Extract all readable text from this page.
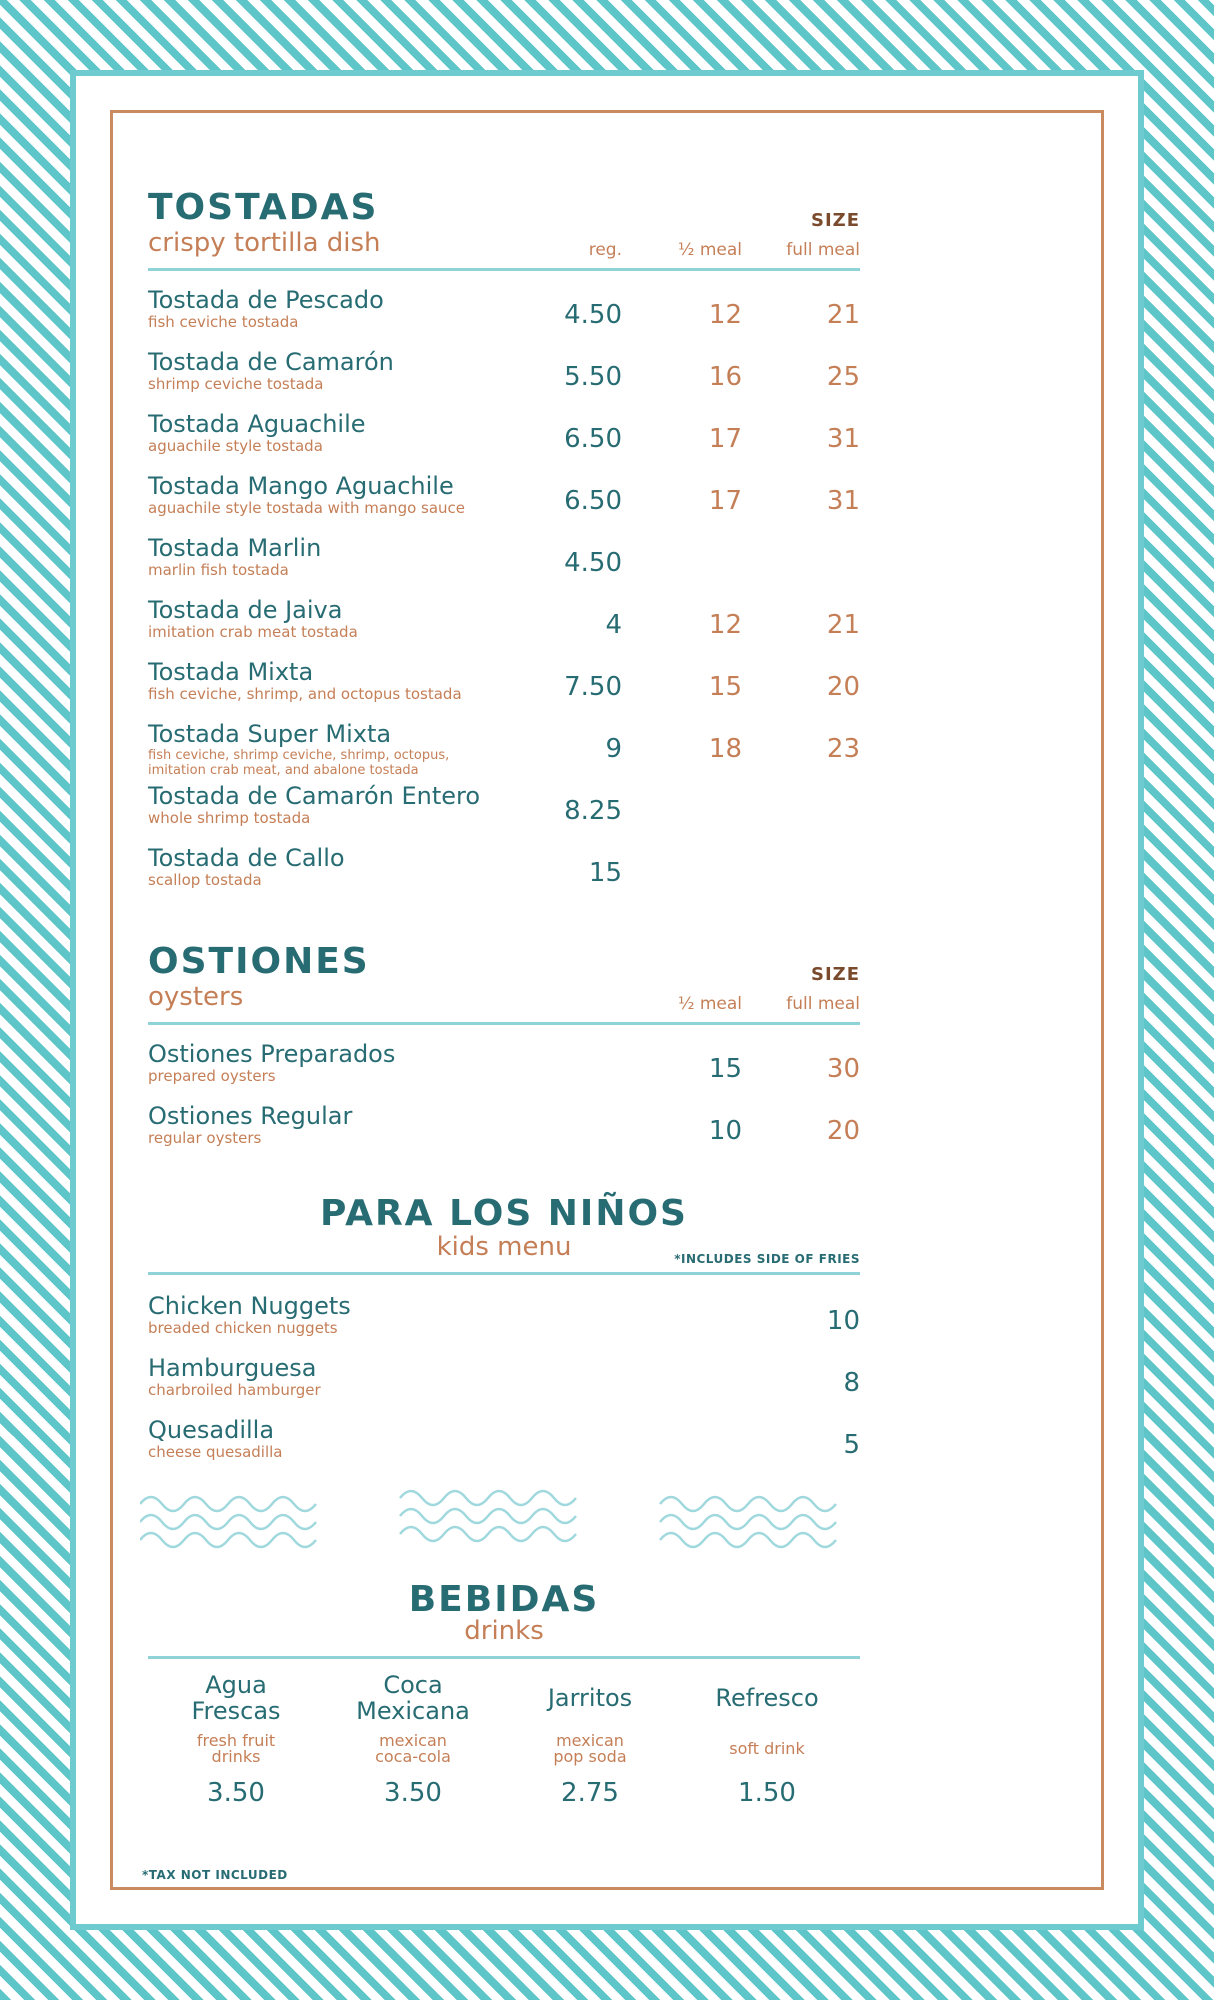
TOSTADAS
crispy tortilla dish
SIZE
reg.	½ meal	full meal
Tostada de Pescado
fish ceviche tostada	4.50	12	21
Tostada de Camarón
shrimp ceviche tostada	5.50	16	25
Tostada Aguachile
aguachile style tostada	6.50	17	31
Tostada Mango Aguachile
aguachile style tostada with mango sauce	6.50	17	31
Tostada Marlin
marlin fish tostada	4.50
Tostada de Jaiva
imitation crab meat tostada	4	12	21
Tostada Mixta
fish ceviche, shrimp, and octopus tostada	7.50	15	20
Tostada Super Mixta
fish ceviche, shrimp ceviche, shrimp, octopus, imitation crab meat, and abalone tostada
9	18	23
Tostada de Camarón Entero
whole shrimp tostada	8.25
Tostada de Callo
scallop tostada	15
OSTIONES
oysters
SIZE
½ meal	full meal
Ostiones Preparados
prepared oysters	15	30
Ostiones Regular
regular oysters	10	20
PARA LOS NIÑOS
kids menu	*INCLUDES SIDE OF FRIES
Chicken Nuggets
breaded chicken nuggets	10
Hamburguesa
charbroiled hamburger	8
Quesadilla
cheese quesadilla	5
BEBIDAS
drinks
Agua
Frescas
fresh fruit
drinks
3.50
Coca
Mexicana
mexican
coca-cola
3.50
Jarritos
mexican
pop soda
2.75
Refresco
soft drink
1.50
*TAX NOT INCLUDED
